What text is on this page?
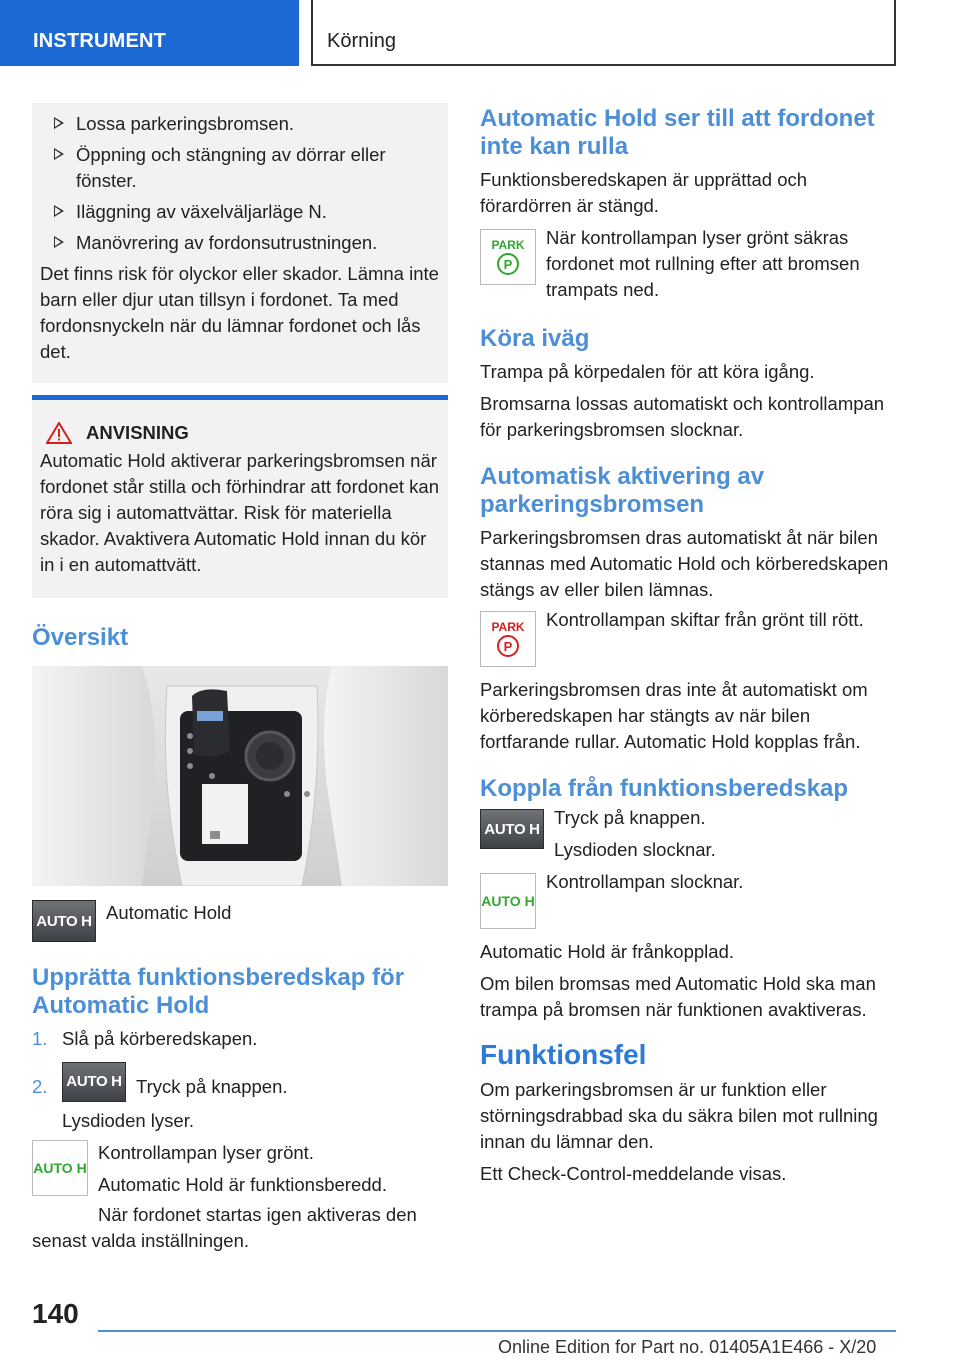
INSTRUMENT	Körning
Lossa parkeringsbromsen.
Öppning och stängning av dörrar eller fönster.
Iläggning av växelväljarläge N.
Manövrering av fordonsutrustningen.

Det finns risk för olyckor eller skador. Lämna inte barn eller djur utan tillsyn i fordonet. Ta med fordonsnyckeln när du lämnar fordonet och lås det.

ANVISNING

Automatic Hold aktiverar parkeringsbromsen när fordonet står stilla och förhindrar att fordonet kan röra sig i automattvättar. Risk för materiella skador. Avaktivera Automatic Hold innan du kör in i en automattvätt.

Översikt
AUTO H Automatic Hold

Upprätta funktionsberedskap för Automatic Hold
1. Slå på körberedskapen.
2. AUTO H Tryck på knappen.

Lysdioden lyser.

AUTO H

Kontrollampan lyser grönt.

Automatic Hold är funktionsberedd.

När fordonet startas igen aktiveras den senast valda inställningen.

Automatic Hold ser till att fordonet inte kan rulla

Funktionsberedskapen är upprättad och förardörren är stängd.

PARK
P

När kontrollampan lyser grönt säkras fordonet mot rullning efter att bromsen trampats ned.

Köra iväg

Trampa på körpedalen för att köra igång.

Bromsarna lossas automatiskt och kontrollampan för parkeringsbromsen slocknar.

Automatisk aktivering av parkeringsbromsen

Parkeringsbromsen dras automatiskt åt när bilen stannas med Automatic Hold och körberedskapen stängs av eller bilen lämnas.

PARK
P

Kontrollampan skiftar från grönt till rött.

Parkeringsbromsen dras inte åt automatiskt om körberedskapen har stängts av när bilen fortfarande rullar. Automatic Hold kopplas från.

Koppla från funktionsberedskap
AUTO H

Tryck på knappen.

Lysdioden slocknar.

AUTO H

Kontrollampan slocknar.

Automatic Hold är frånkopplad.

Om bilen bromsas med Automatic Hold ska man trampa på bromsen när funktionen avaktiveras.

Funktionsfel

Om parkeringsbromsen är ur funktion eller störningsdrabbad ska du säkra bilen mot rullning innan du lämnar den.

Ett Check-Control-meddelande visas.

140
Online Edition for Part no. 01405A1E466 - X/20
